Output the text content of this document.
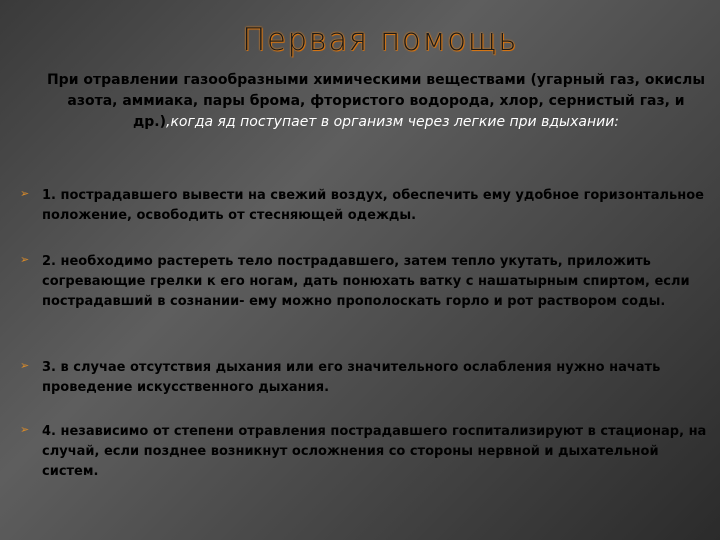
Первая помощь
При отравлении газообразными химическими веществами (угарный газ, окислы азота, аммиака, пары брома, фтористого водорода, хлор, сернистый газ, и др.),когда яд поступает в организм через легкие при вдыхании:
➢ 1. пострадавшего вывести на свежий воздух, обеспечить ему удобное горизонтальное положение, освободить от стесняющей одежды.
➢ 2. необходимо растереть тело пострадавшего, затем тепло укутать, приложить согревающие грелки к его ногам, дать понюхать ватку с нашатырным спиртом, если пострадавший в сознании- ему можно прополоскать горло и рот раствором соды.
➢ 3. в случае отсутствия дыхания или его значительного ослабления нужно начать проведение искусственного дыхания.
➢ 4. независимо от степени отравления пострадавшего госпитализируют в стационар, на случай, если позднее возникнут осложнения со стороны нервной и дыхательной систем.
